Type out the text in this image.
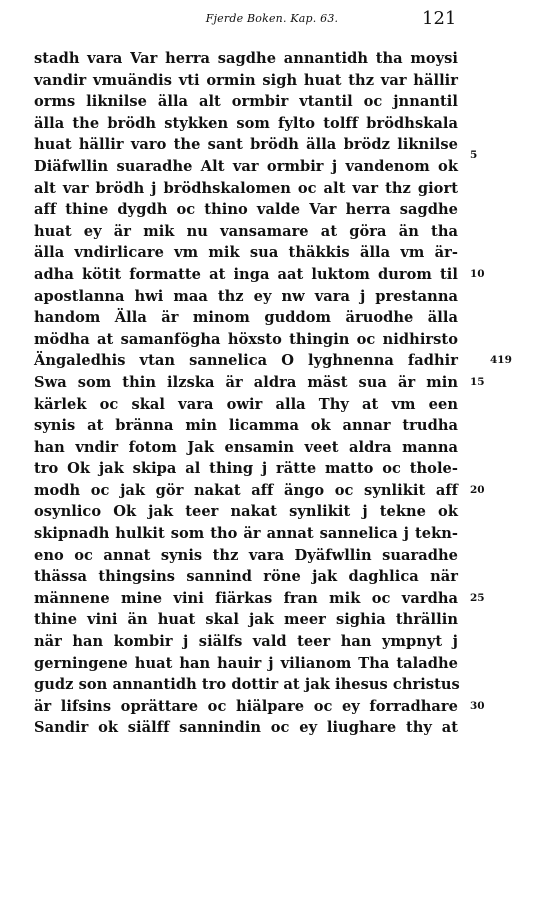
Fjerde Boken. Kap. 63.	121
stadh vara Var herra sagdhe annantidh tha moysi
vandir vmuändis vti ormin sigh huat thz var hällir
orms liknilse älla alt ormbir vtantil oc jnnantil
älla the brödh stykken som fylto tolff brödhskala
huat hällir varo the sant brödh älla brödz liknilse
Diäfwllin suaradhe Alt var ormbir j vandenom ok
alt var brödh j brödhskalomen oc alt var thz giort
aff thine dygdh oc thino valde Var herra sagdhe
huat ey är mik nu vansamare at göra än tha
älla vndirlicare vm mik sua thäkkis älla vm är-
adha kötit formatte at inga aat luktom durom til
apostlanna hwi maa thz ey nw vara j prestanna
handom Älla är minom guddom äruodhe älla
mödha at samanfögha höxsto thingin oc nidhirsto
Ängaledhis vtan sannelica O lyghnenna fadhir
Swa som thin ilzska är aldra mäst sua är min
kärlek oc skal vara owir alla Thy at vm een
synis at bränna min licamma ok annar trudha
han vndir fotom Jak ensamin veet aldra manna
tro Ok jak skipa al thing j rätte matto oc thole-
modh oc jak gör nakat aff ängo oc synlikit aff
osynlico Ok jak teer nakat synlikit j tekne ok
skipnadh hulkit som tho är annat sannelica j tekn-
eno oc annat synis thz vara Dyäfwllin suaradhe
thässa thingsins sannind röne jak daghlica när
männene mine vini fiärkas fran mik oc vardha
thine vini än huat skal jak meer sighia thrällin
när han kombir j siälfs vald teer han ympnyt j
gerningene huat han hauir j vilianom Tha taladhe
gudz son annantidh tro dottir at jak ihesus christus
är lifsins oprättare oc hiälpare oc ey forradhare
Sandir ok siälff sannindin oc ey liughare thy at
5
10
419
15
20
25
30
